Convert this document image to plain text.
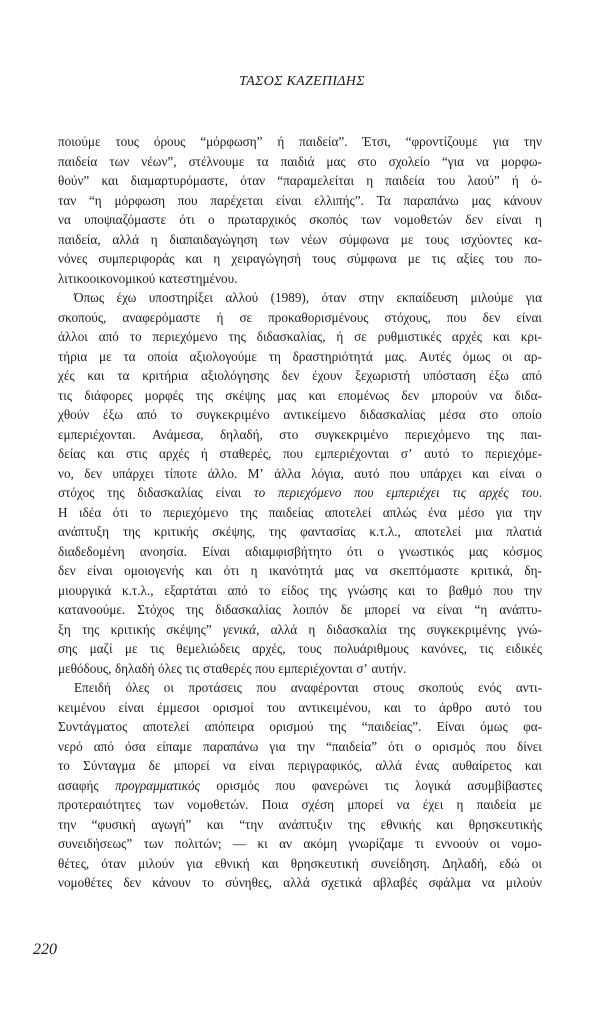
ΤΑΣΟΣ ΚΑΖΕΠΙΔΗΣ
ποιούμε τους όρους “μόρφωση” ή παιδεία”. Έτσι, “φροντίζουμε για την
παιδεία των νέων”, στέλνουμε τα παιδιά μας στο σχολείο “για να μορφω-
θούν” και διαμαρτυρόμαστε, όταν “παραμελείται η παιδεία του λαού” ή ό-
ταν “η μόρφωση που παρέχεται είναι ελλιπής”. Τα παραπάνω μας κάνουν
να υποψιαζόμαστε ότι ο πρωταρχικός σκοπός των νομοθετών δεν είναι η
παιδεία, αλλά η διαπαιδαγώγηση των νέων σύμφωνα με τους ισχύοντες κα-
νόνες συμπεριφοράς και η χειραγώγησή τους σύμφωνα με τις αξίες του πο-
λιτικοοικονομικού κατεστημένου.
Όπως έχω υποστηρίξει αλλού (1989), όταν στην εκπαίδευση μιλούμε για
σκοπούς, αναφερόμαστε ή σε προκαθορισμένους στόχους, που δεν είναι
άλλοι από το περιεχόμενο της διδασκαλίας, ή σε ρυθμιστικές αρχές και κρι-
τήρια με τα οποία αξιολογούμε τη δραστηριότητά μας. Αυτές όμως οι αρ-
χές και τα κριτήρια αξιολόγησης δεν έχουν ξεχωριστή υπόσταση έξω από
τις διάφορες μορφές της σκέψης μας και επομένως δεν μπορούν να διδα-
χθούν έξω από το συγκεκριμένο αντικείμενο διδασκαλίας μέσα στο οποίο
εμπεριέχονται. Ανάμεσα, δηλαδή, στο συγκεκριμένο περιεχόμενο της παι-
δείας και στις αρχές ή σταθερές, που εμπεριέχονται σ’ αυτό το περιεχόμε-
νο, δεν υπάρχει τίποτε άλλο. Μ’ άλλα λόγια, αυτό που υπάρχει και είναι ο
στόχος της διδασκαλίας είναι το περιεχόμενο που εμπεριέχει τις αρχές του.
Η ιδέα ότι το περιεχόμενο της παιδείας αποτελεί απλώς ένα μέσο για την
ανάπτυξη της κριτικής σκέψης, της φαντασίας κ.τ.λ., αποτελεί μια πλατιά
διαδεδομένη ανοησία. Είναι αδιαμφισβήτητο ότι ο γνωστικός μας κόσμος
δεν είναι ομοιογενής και ότι η ικανότητά μας να σκεπτόμαστε κριτικά, δη-
μιουργικά κ.τ.λ., εξαρτάται από το είδος της γνώσης και το βαθμό που την
κατανοούμε. Στόχος της διδασκαλίας λοιπόν δε μπορεί να είναι “η ανάπτυ-
ξη της κριτικής σκέψης” γενικά, αλλά η διδασκαλία της συγκεκριμένης γνώ-
σης μαζί με τις θεμελιώδεις αρχές, τους πολυάριθμους κανόνες, τις ειδικές
μεθόδους, δηλαδή όλες τις σταθερές που εμπεριέχονται σ’ αυτήν.
Επειδή όλες οι προτάσεις που αναφέρονται στους σκοπούς ενός αντι-
κειμένου είναι έμμεσοι ορισμοί του αντικειμένου, και το άρθρο αυτό του
Συντάγματος αποτελεί απόπειρα ορισμού της “παιδείας”. Είναι όμως φα-
νερό από όσα είπαμε παραπάνω για την “παιδεία” ότι ο ορισμός που δίνει
το Σύνταγμα δε μπορεί να είναι περιγραφικός, αλλά ένας αυθαίρετος και
ασαφής προγραμματικός ορισμός που φανερώνει τις λογικά ασυμβίβαστες
προτεραιότητες των νομοθετών. Ποια σχέση μπορεί να έχει η παιδεία με
την “φυσική αγωγή” και “την ανάπτυξιν της εθνικής και θρησκευτικής
συνειδήσεως” των πολιτών; — κι αν ακόμη γνωρίζαμε τι εννοούν οι νομο-
θέτες, όταν μιλούν για εθνική και θρησκευτική συνείδηση. Δηλαδή, εδώ οι
νομοθέτες δεν κάνουν το σύνηθες, αλλά σχετικά αβλαβές σφάλμα να μιλούν
220
